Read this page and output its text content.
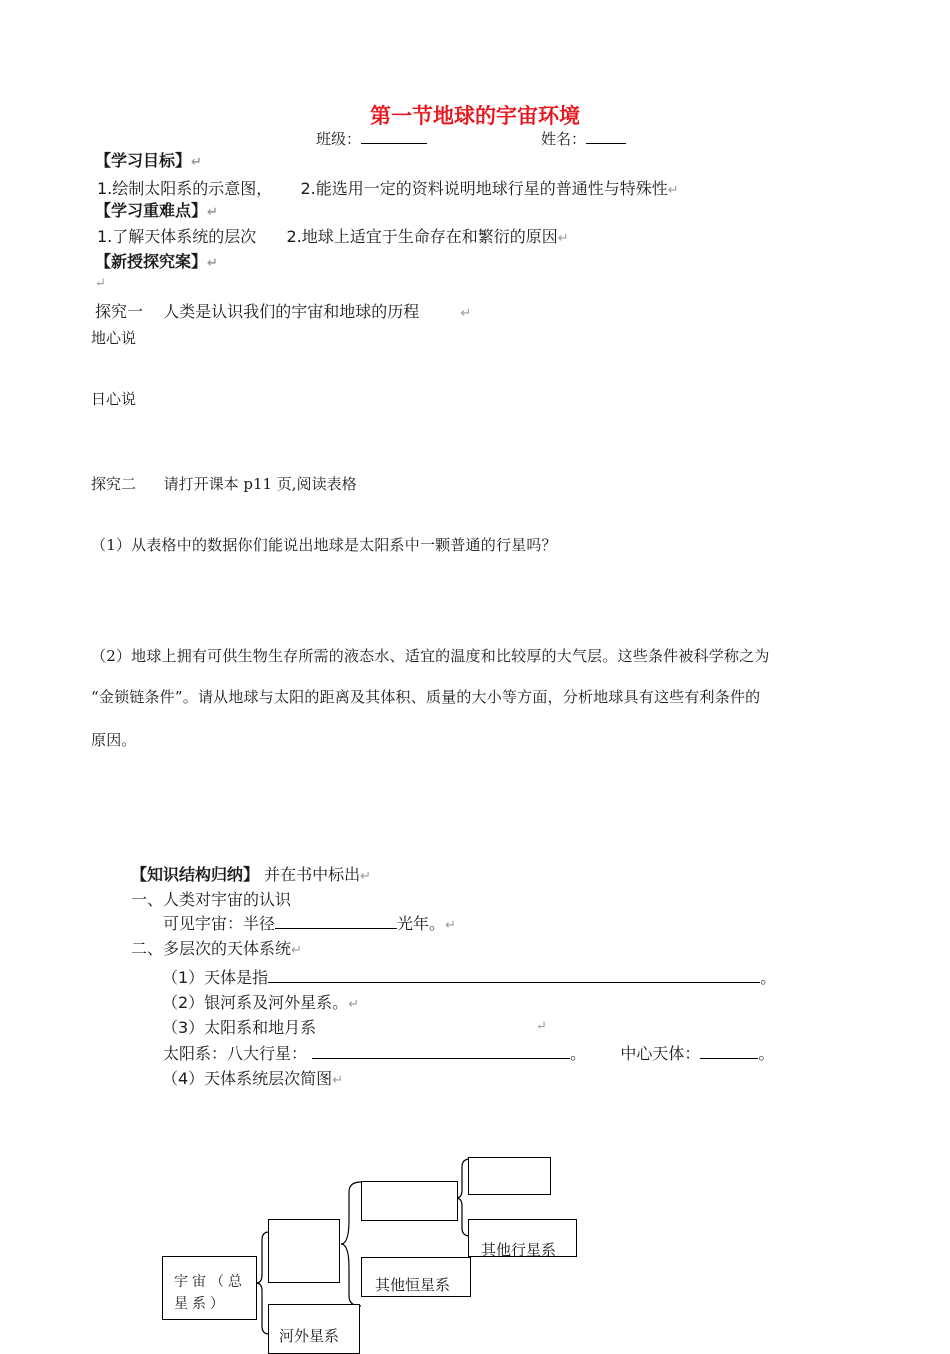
第一节地球的宇宙环境
班级：	姓名：
【学习目标】↵
1.绘制太阳系的示意图， 2.能选用一定的资料说明地球行星的普通性与特殊性↵
【学习重难点】↵
1.了解天体系统的层次 2.地球上适宜于生命存在和繁衍的原因↵
【新授探究案】↵
↵
探究一 人类是认识我们的宇宙和地球的历程	↵
地心说
日心说
探究二 请打开课本 p11 页,阅读表格
（1）从表格中的数据你们能说出地球是太阳系中一颗普通的行星吗？
（2）地球上拥有可供生物生存所需的液态水、适宜的温度和比较厚的大气层。这些条件被科学称之为
“金锁链条件”。请从地球与太阳的距离及其体积、质量的大小等方面，分析地球具有这些有利条件的
原因。
【知识结构归纳】 并在书中标出↵
一、人类对宇宙的认识
可见宇宙：半径	光年。↵
二、多层次的天体系统↵
（1）天体是指	。
（2）银河系及河外星系。↵
（3）太阳系和地月系	↵
太阳系：八大行星：	。 中心天体：	。
（4）天体系统层次简图↵
宇宙（总星系）
河外星系
其他恒星系
其他行星系
